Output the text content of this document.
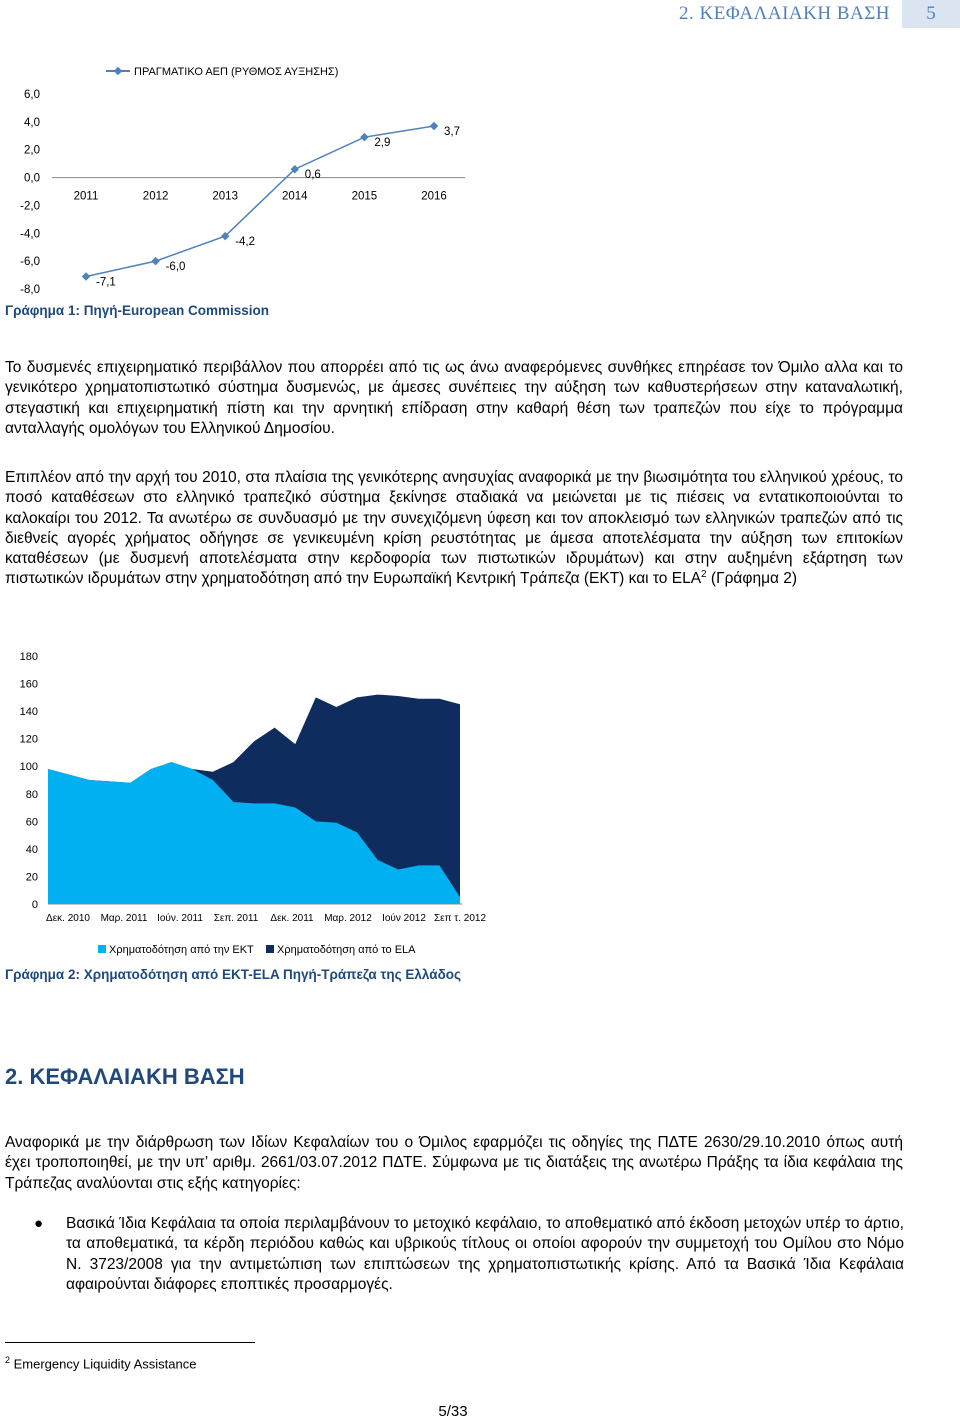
2. ΚΕΦΑΛΑΙΑΚΗ ΒΑΣΗ	5
ΠΡΑΓΜΑΤΙΚΟ ΑΕΠ (ΡΥΘΜΟΣ ΑΥΞΗΣΗΣ)
6,0
4,0
2,0
0,0
-2,0
-4,0
-6,0
-8,0
2011	2012	2013	2014	2015	2016
-7,1
-6,0
-4,2
0,6
2,9
3,7
Γράφημα 1: Πηγή-European Commission
Το δυσμενές επιχειρηματικό περιβάλλον που απορρέει από τις ως άνω αναφερόμενες συνθήκες επηρέασε τον Όμιλο αλλα και το γενικότερο χρηματοπιστωτικό σύστημα δυσμενώς, με άμεσες συνέπειες την αύξηση των καθυστερήσεων στην καταναλωτική, στεγαστική και επιχειρηματική πίστη και την αρνητική επίδραση στην καθαρή θέση των τραπεζών που είχε το πρόγραμμα ανταλλαγής ομολόγων του Ελληνικού Δημοσίου.
Επιπλέον από την αρχή του 2010, στα πλαίσια της γενικότερης ανησυχίας αναφορικά με την βιωσιμότητα του ελληνικού χρέους, το ποσό καταθέσεων στο ελληνικό τραπεζικό σύστημα ξεκίνησε σταδιακά να μειώνεται με τις πιέσεις να εντατικοποιούνται το καλοκαίρι του 2012. Τα ανωτέρω σε συνδυασμό με την συνεχιζόμενη ύφεση και τον αποκλεισμό των ελληνικών τραπεζών από τις διεθνείς αγορές χρήματος οδήγησε σε γενικευμένη κρίση ρευστότητας με άμεσα αποτελέσματα την αύξηση των επιτοκίων καταθέσεων (με δυσμενή αποτελέσματα στην κερδοφορία των πιστωτικών ιδρυμάτων) και στην αυξημένη εξάρτηση των πιστωτικών ιδρυμάτων στην χρηματοδότηση από την Ευρωπαϊκή Κεντρική Τράπεζα (ΕΚΤ) και το ELA$^2$ (Γράφημα 2)
180
160
140
120
100
80
60
40
20
0
Δεκ. 2010 Μαρ. 2011 Ιούν. 2011 Σεπ. 2011 Δεκ. 2011 Μαρ. 2012 Ιούν 2012 Σεπ τ. 2012
Χρηματοδότηση από την ΕΚΤ Χρηματοδότηση από το ELA
Γράφημα 2: Χρηματοδότηση από ΕΚΤ-ELA Πηγή-Τράπεζα της Ελλάδος
2. ΚΕΦΑΛΑΙΑΚΗ ΒΑΣΗ
Αναφορικά με την διάρθρωση των Ιδίων Κεφαλαίων του ο Όμιλος εφαρμόζει τις οδηγίες της ΠΔΤΕ 2630/29.10.2010 όπως αυτή έχει τροποποιηθεί, με την υπ’ αριθμ. 2661/03.07.2012 ΠΔΤΕ. Σύμφωνα με τις διατάξεις της ανωτέρω Πράξης τα ίδια κεφάλαια της Τράπεζας αναλύονται στις εξής κατηγορίες:
● Βασικά Ίδια Κεφάλαια τα οποία περιλαμβάνουν το μετοχικό κεφάλαιο, το αποθεματικό από έκδοση μετοχών υπέρ το άρτιο, τα αποθεματικά, τα κέρδη περιόδου καθώς και υβρικούς τίτλους οι οποίοι αφορούν την συμμετοχή του Ομίλου στο Νόμο Ν. 3723/2008 για την αντιμετώπιση των επιπτώσεων της χρηματοπιστωτικής κρίσης. Από τα Βασικά Ίδια Κεφάλαια αφαιρούνται διάφορες εποπτικές προσαρμογές.
$^2$ Emergency Liquidity Assistance
5/33
